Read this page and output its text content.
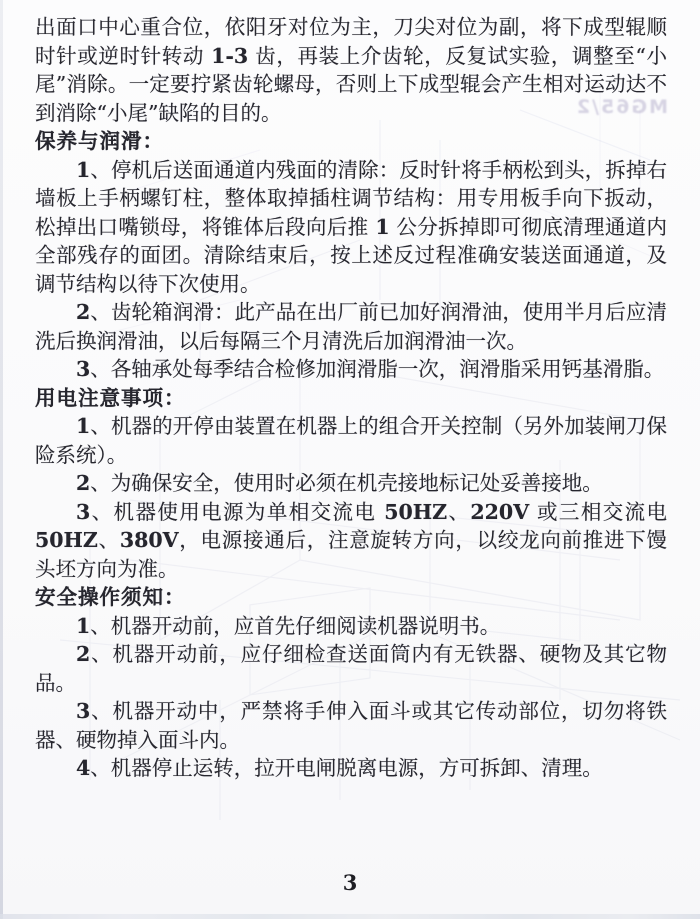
MG65/2

出面口中心重合位，依阳牙对位为主，刀尖对位为副，将下成型辊顺时针或逆时针转动 1-3 齿，再装上介齿轮，反复试实验，调整至“小尾”消除。一定要拧紧齿轮螺母，否则上下成型辊会产生相对运动达不到消除“小尾”缺陷的目的。

保养与润滑：

1、停机后送面通道内残面的清除：反时针将手柄松到头，拆掉右墙板上手柄螺钉柱，整体取掉插柱调节结构：用专用板手向下扳动，松掉出口嘴锁母，将锥体后段向后推 1 公分拆掉即可彻底清理通道内全部残存的面团。清除结束后，按上述反过程准确安装送面通道，及调节结构以待下次使用。

2、齿轮箱润滑：此产品在出厂前已加好润滑油，使用半月后应清洗后换润滑油，以后每隔三个月清洗后加润滑油一次。

3、各轴承处每季结合检修加润滑脂一次，润滑脂采用钙基滑脂。

用电注意事项：

1、机器的开停由装置在机器上的组合开关控制（另外加装闸刀保险系统）。

2、为确保安全，使用时必须在机壳接地标记处妥善接地。

3、机器使用电源为单相交流电 50HZ、220V 或三相交流电 50HZ、380V，电源接通后，注意旋转方向，以绞龙向前推进下馒头坯方向为准。

安全操作须知：

1、机器开动前，应首先仔细阅读机器说明书。

2、机器开动前，应仔细检查送面筒内有无铁器、硬物及其它物品。

3、机器开动中，严禁将手伸入面斗或其它传动部位，切勿将铁器、硬物掉入面斗内。

4、机器停止运转，拉开电闸脱离电源，方可拆卸、清理。

3
